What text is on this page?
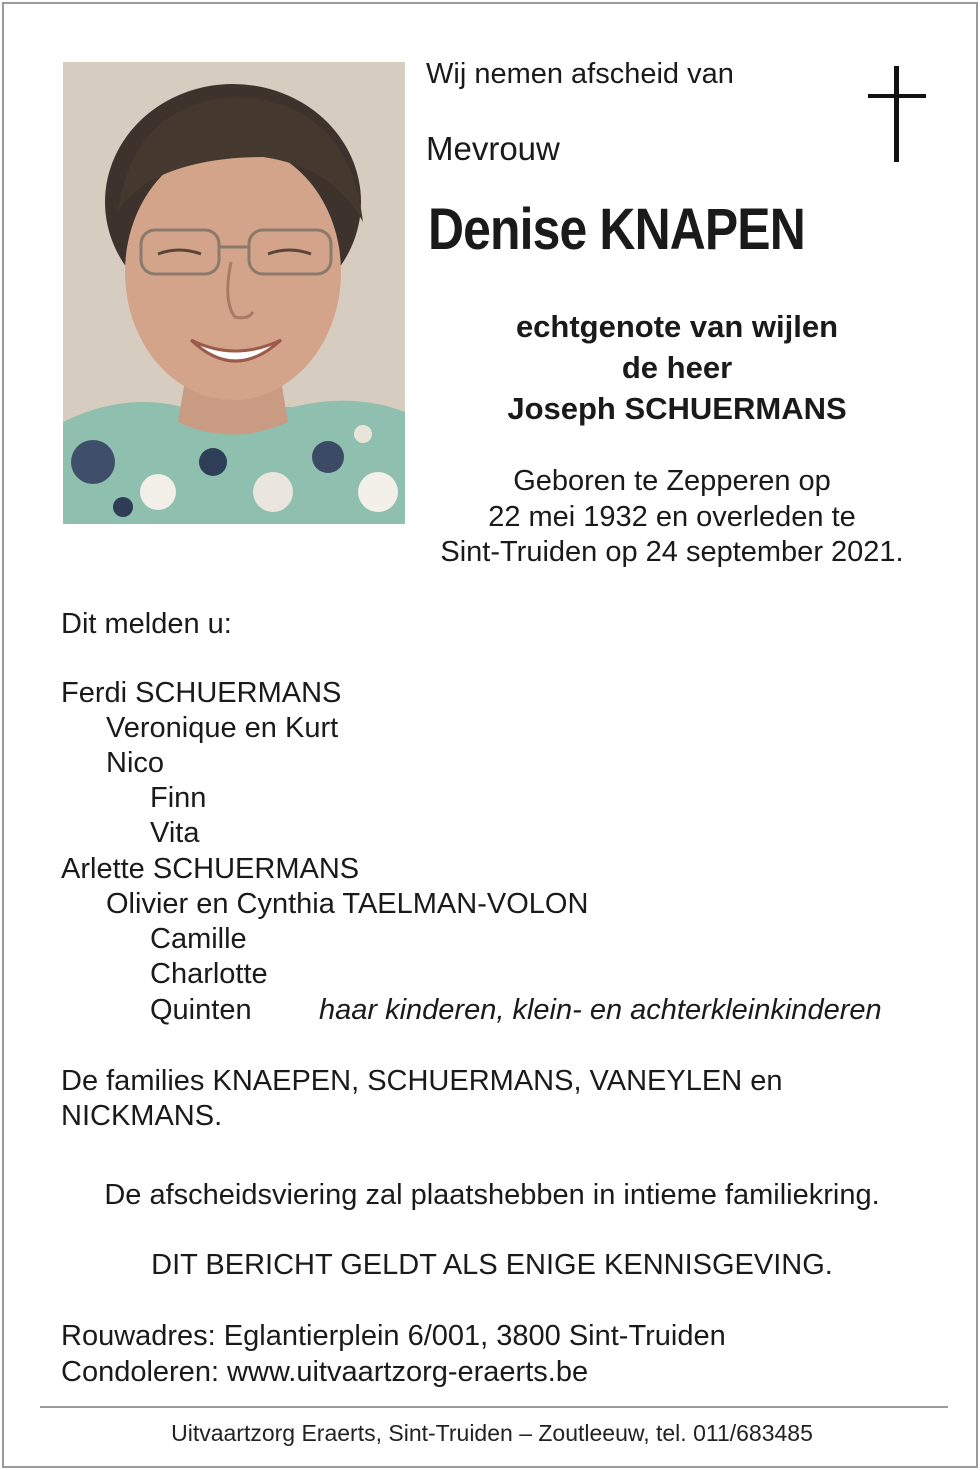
Wij nemen afscheid van
Mevrouw
Denise KNAPEN
echtgenote van wijlen
de heer
Joseph SCHUERMANS
Geboren te Zepperen op
22 mei 1932 en overleden te
Sint-Truiden op 24 september 2021.
Dit melden u:
Ferdi SCHUERMANS
Veronique en Kurt
Nico
Finn
Vita
Arlette SCHUERMANS
Olivier en Cynthia TAELMAN-VOLON
Camille
Charlotte
Quinten haar kinderen, klein- en achterkleinkinderen
De families KNAEPEN, SCHUERMANS, VANEYLEN en
NICKMANS.
De afscheidsviering zal plaatshebben in intieme familiekring.
DIT BERICHT GELDT ALS ENIGE KENNISGEVING.
Rouwadres: Eglantierplein 6/001, 3800 Sint-Truiden
Condoleren: www.uitvaartzorg-eraerts.be
Uitvaartzorg Eraerts, Sint-Truiden – Zoutleeuw, tel. 011/683485
